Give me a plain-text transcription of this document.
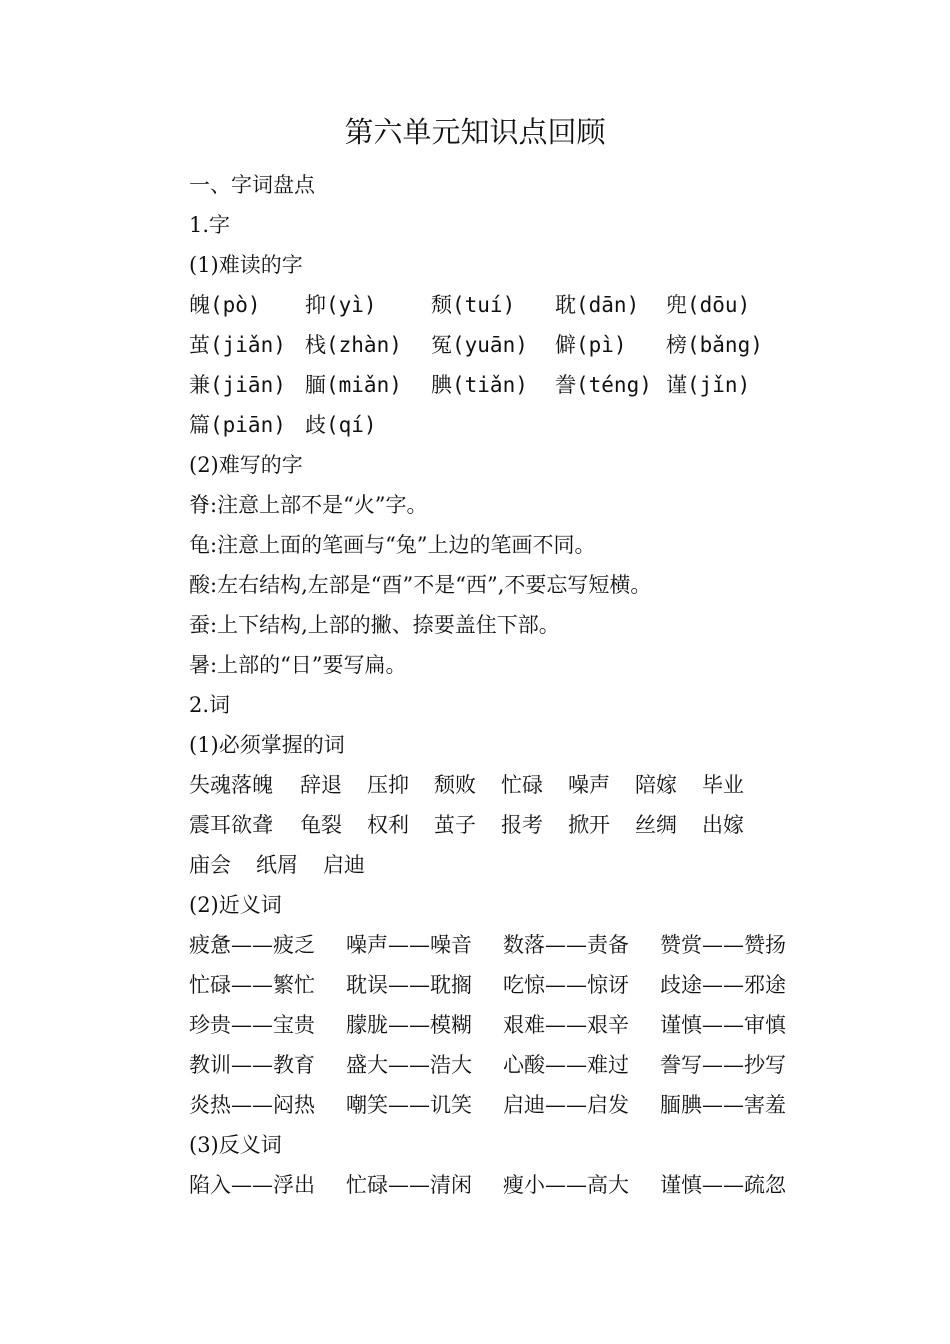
第六单元知识点回顾
一、字词盘点
1.字
(1)难读的字
魄(pò)	抑(yì)	颓(tuí)	耽(dān)	兜(dōu)
茧(jiǎn) 栈(zhàn)	冤(yuān)	僻(pì)	榜(bǎng)
兼(jiān) 腼(miǎn)	腆(tiǎn)	誊(téng) 谨(jǐn)
篇(piān) 歧(qí)
(2)难写的字
脊:注意上部不是“火”字。
龟:注意上面的笔画与“兔”上边的笔画不同。
酸:左右结构,左部是“酉”不是“西”,不要忘写短横。
蚕:上下结构,上部的撇、捺要盖住下部。
暑:上部的“日”要写扁。
2.词
(1)必须掌握的词
失魂落魄	辞退	压抑	颓败	忙碌	噪声	陪嫁	毕业
震耳欲聋	龟裂	权利	茧子	报考	掀开	丝绸	出嫁
庙会	纸屑	启迪
(2)近义词
疲惫——疲乏	噪声——噪音	数落——责备	赞赏——赞扬
忙碌——繁忙	耽误——耽搁	吃惊——惊讶	歧途——邪途
珍贵——宝贵	朦胧——模糊	艰难——艰辛	谨慎——审慎
教训——教育	盛大——浩大	心酸——难过	誊写——抄写
炎热——闷热	嘲笑——讥笑	启迪——启发	腼腆——害羞
(3)反义词
陷入——浮出	忙碌——清闲	瘦小——高大	谨慎——疏忽
